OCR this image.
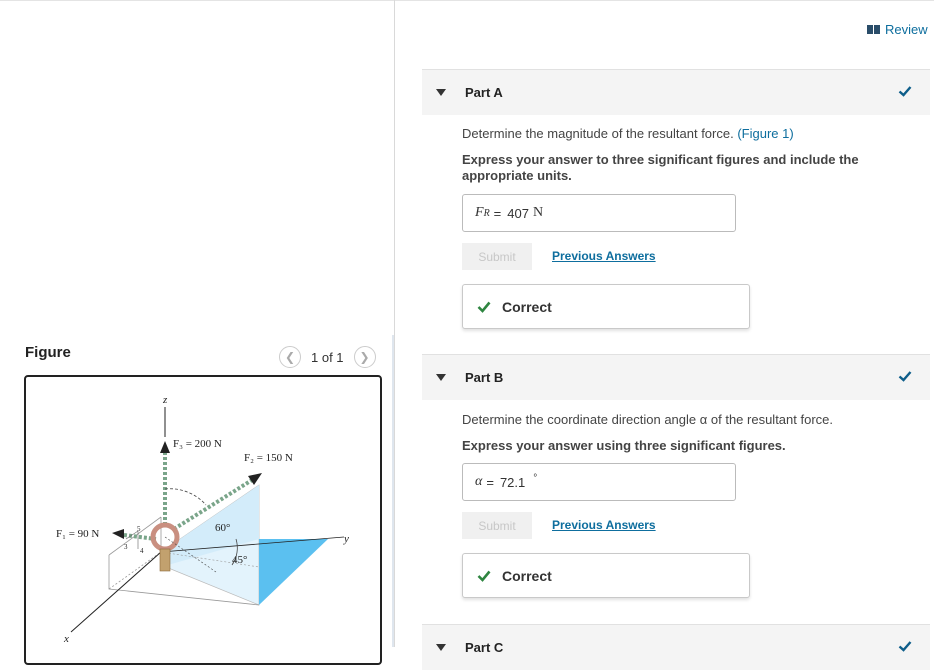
Figure	❮ 1 of 1 ❯
z
y
x
F₃ = 200 N
F₂ = 150 N
F₁ = 90 N	5
3 4
60°
45°
Review
Part A
Determine the magnitude of the resultant force. (Figure 1)
Express your answer to three significant figures and include the appropriate units.
F R = 407 N
Submit	Previous Answers
Correct
Part B
Determine the coordinate direction angle α of the resultant force.
Express your answer using three significant figures.
α = 72.1 °
Submit	Previous Answers
Correct
Part C
